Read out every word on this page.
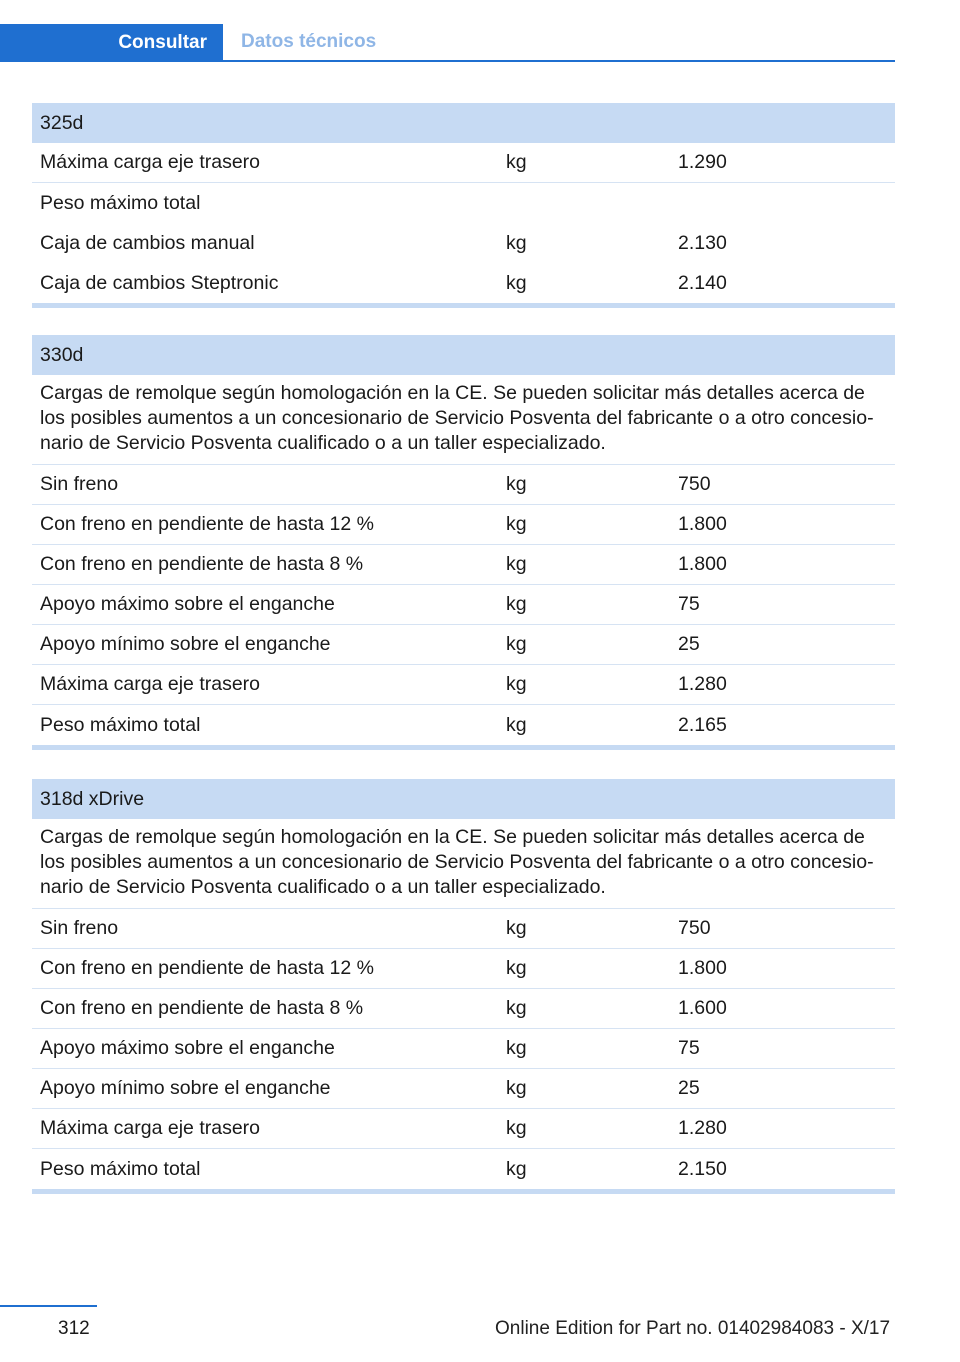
Consultar	Datos técnicos
325d
Máxima carga eje trasero	kg	1.290
Peso máximo total
Caja de cambios manual	kg	2.130
Caja de cambios Steptronic	kg	2.140
330d
Cargas de remolque según homologación en la CE. Se pueden solicitar más detalles acerca de los posibles aumentos a un concesionario de Servicio Posventa del fabricante o a otro concesionario de Servicio Posventa cualificado o a un taller especializado.
Sin freno	kg	750
Con freno en pendiente de hasta 12 %	kg	1.800
Con freno en pendiente de hasta 8 %	kg	1.800
Apoyo máximo sobre el enganche	kg	75
Apoyo mínimo sobre el enganche	kg	25
Máxima carga eje trasero	kg	1.280
Peso máximo total	kg	2.165
318d xDrive
Cargas de remolque según homologación en la CE. Se pueden solicitar más detalles acerca de los posibles aumentos a un concesionario de Servicio Posventa del fabricante o a otro concesionario de Servicio Posventa cualificado o a un taller especializado.
Sin freno	kg	750
Con freno en pendiente de hasta 12 %	kg	1.800
Con freno en pendiente de hasta 8 %	kg	1.600
Apoyo máximo sobre el enganche	kg	75
Apoyo mínimo sobre el enganche	kg	25
Máxima carga eje trasero	kg	1.280
Peso máximo total	kg	2.150
312	Online Edition for Part no. 01402984083 - X/17
